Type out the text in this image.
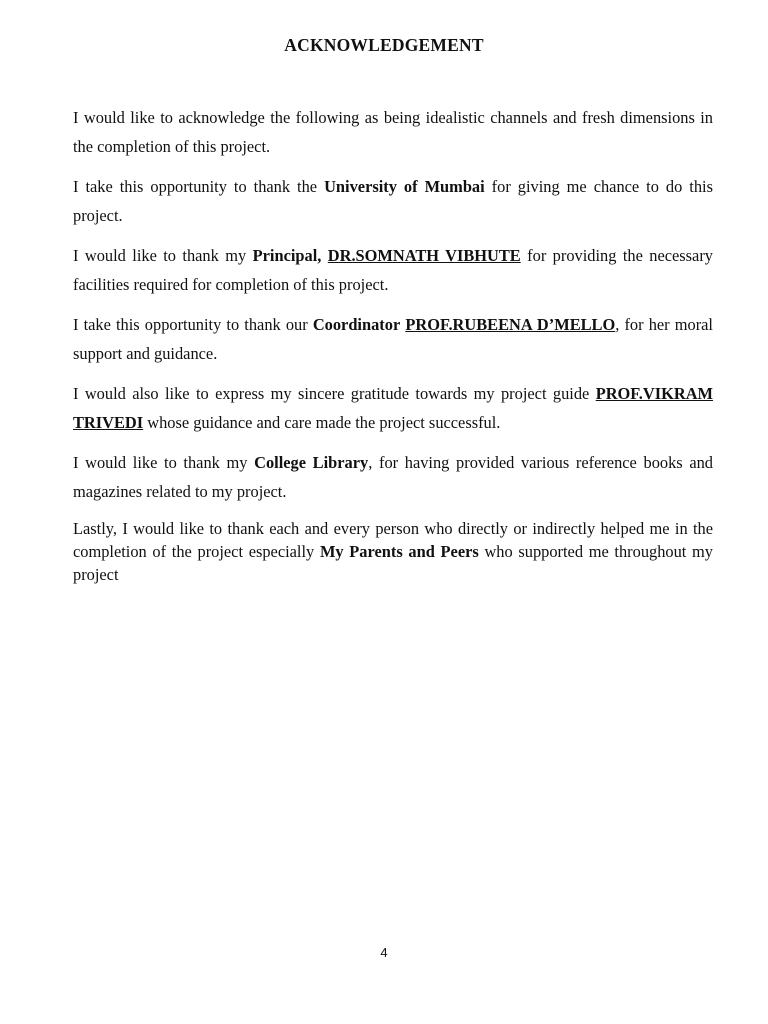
ACKNOWLEDGEMENT

I would like to acknowledge the following as being idealistic channels and fresh dimensions in the completion of this project.

I take this opportunity to thank the University of Mumbai for giving me chance to do this project.

I would like to thank my Principal, DR.SOMNATH VIBHUTE for providing the necessary facilities required for completion of this project.

I take this opportunity to thank our Coordinator PROF.RUBEENA D’MELLO, for her moral support and guidance.

I would also like to express my sincere gratitude towards my project guide PROF.VIKRAM TRIVEDI whose guidance and care made the project successful.

I would like to thank my College Library, for having provided various reference books and magazines related to my project.

Lastly, I would like to thank each and every person who directly or indirectly helped me in the completion of the project especially My Parents and Peers who supported me throughout my project

4
